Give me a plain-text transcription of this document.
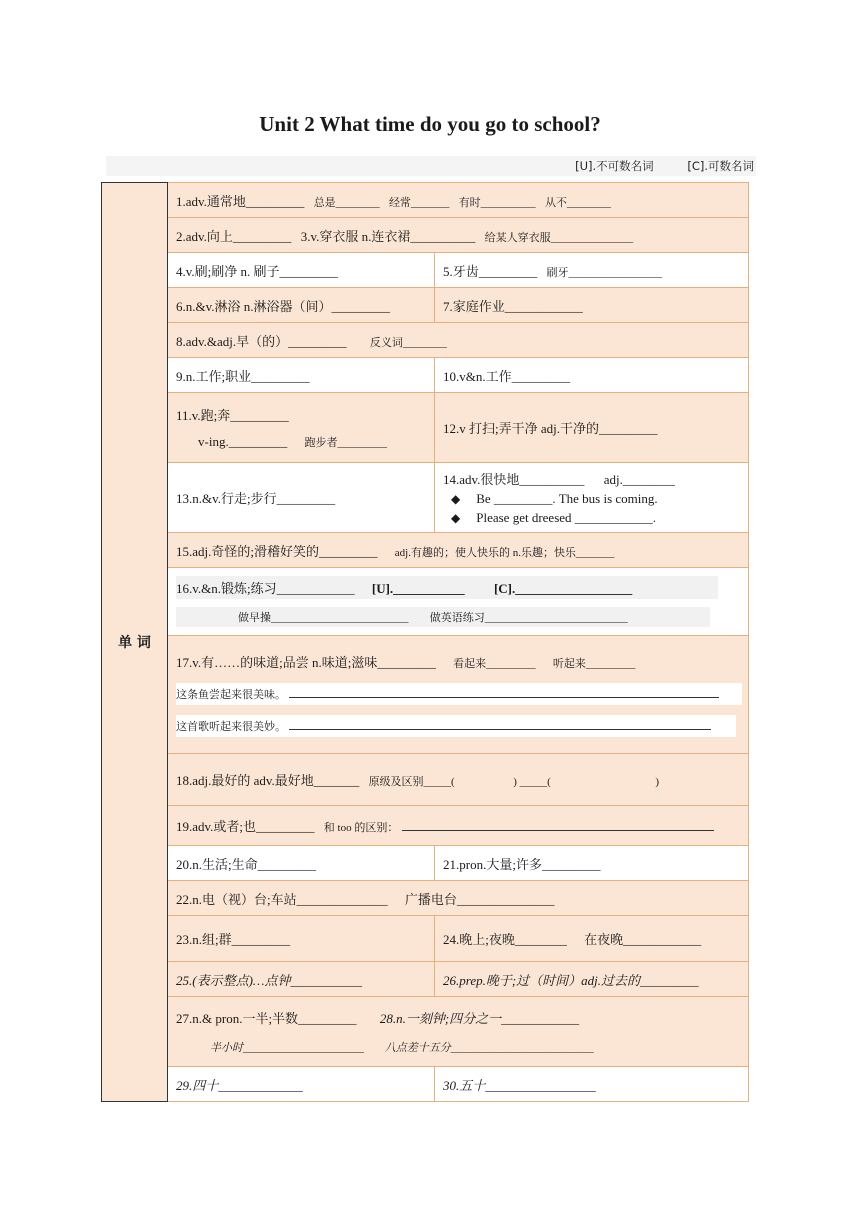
Unit 2 What time do you go to school?
[U].不可数名词	[C].可数名词
单 词	1.adv.通常地_________ 总是________ 经常_______ 有时__________ 从不________	
	2.adv.向上_________ 3.v.穿衣服 n.连衣裙__________ 给某人穿衣服_______________	
	4.v.刷;刷净 n. 刷子_________	5.牙齿_________ 刷牙_________________
	6.n.&v.淋浴 n.淋浴器（间）_________	7.家庭作业____________
	8.adv.&adj.早（的）_________ 反义词________	
	9.n.工作;职业_________	10.v&n.工作_________

	11.v.跑;奔_________
v-ing._________ 跑步者_________	12.v 打扫;弄干净 adj.干净的_________
	13.n.&v.行走;步行_________	14.adv.很快地__________ adj.________
◆ Be _________. The bus is coming.
◆ Please get dreesed ____________.

	15.adj.奇怪的;滑稽好笑的_________ adj.有趣的；使人快乐的 n.乐趣；快乐_______	

	16.v.&n.锻炼;练习____________ [U].___________ [C].__________________
做早操_________________________ 做英语练习__________________________	

	17.v.有……的味道;品尝 n.味道;滋味_________ 看起来_________ 听起来_________
这条鱼尝起来很美味。
这首歌听起来很美妙。	

	18.adj.最好的 adv.最好地_______ 原级及区别_____( ) _____( )	
	19.adv.或者;也_________ 和 too 的区别：	
	20.n.生活;生命_________	21.pron.大量;许多_________
	22.n.电（视）台;车站______________ 广播电台_______________	
	23.n.组;群_________	24.晚上;夜晚________ 在夜晚____________
	25.(表示整点)…点钟___________	26.prep.晚于;过（时间）adj.过去的_________

	27.n.& pron.一半;半数_________ 28.n.一刻钟;四分之一____________
半小时______________________ 八点差十五分__________________________	

	29.四十_____________	30.五十_________________
